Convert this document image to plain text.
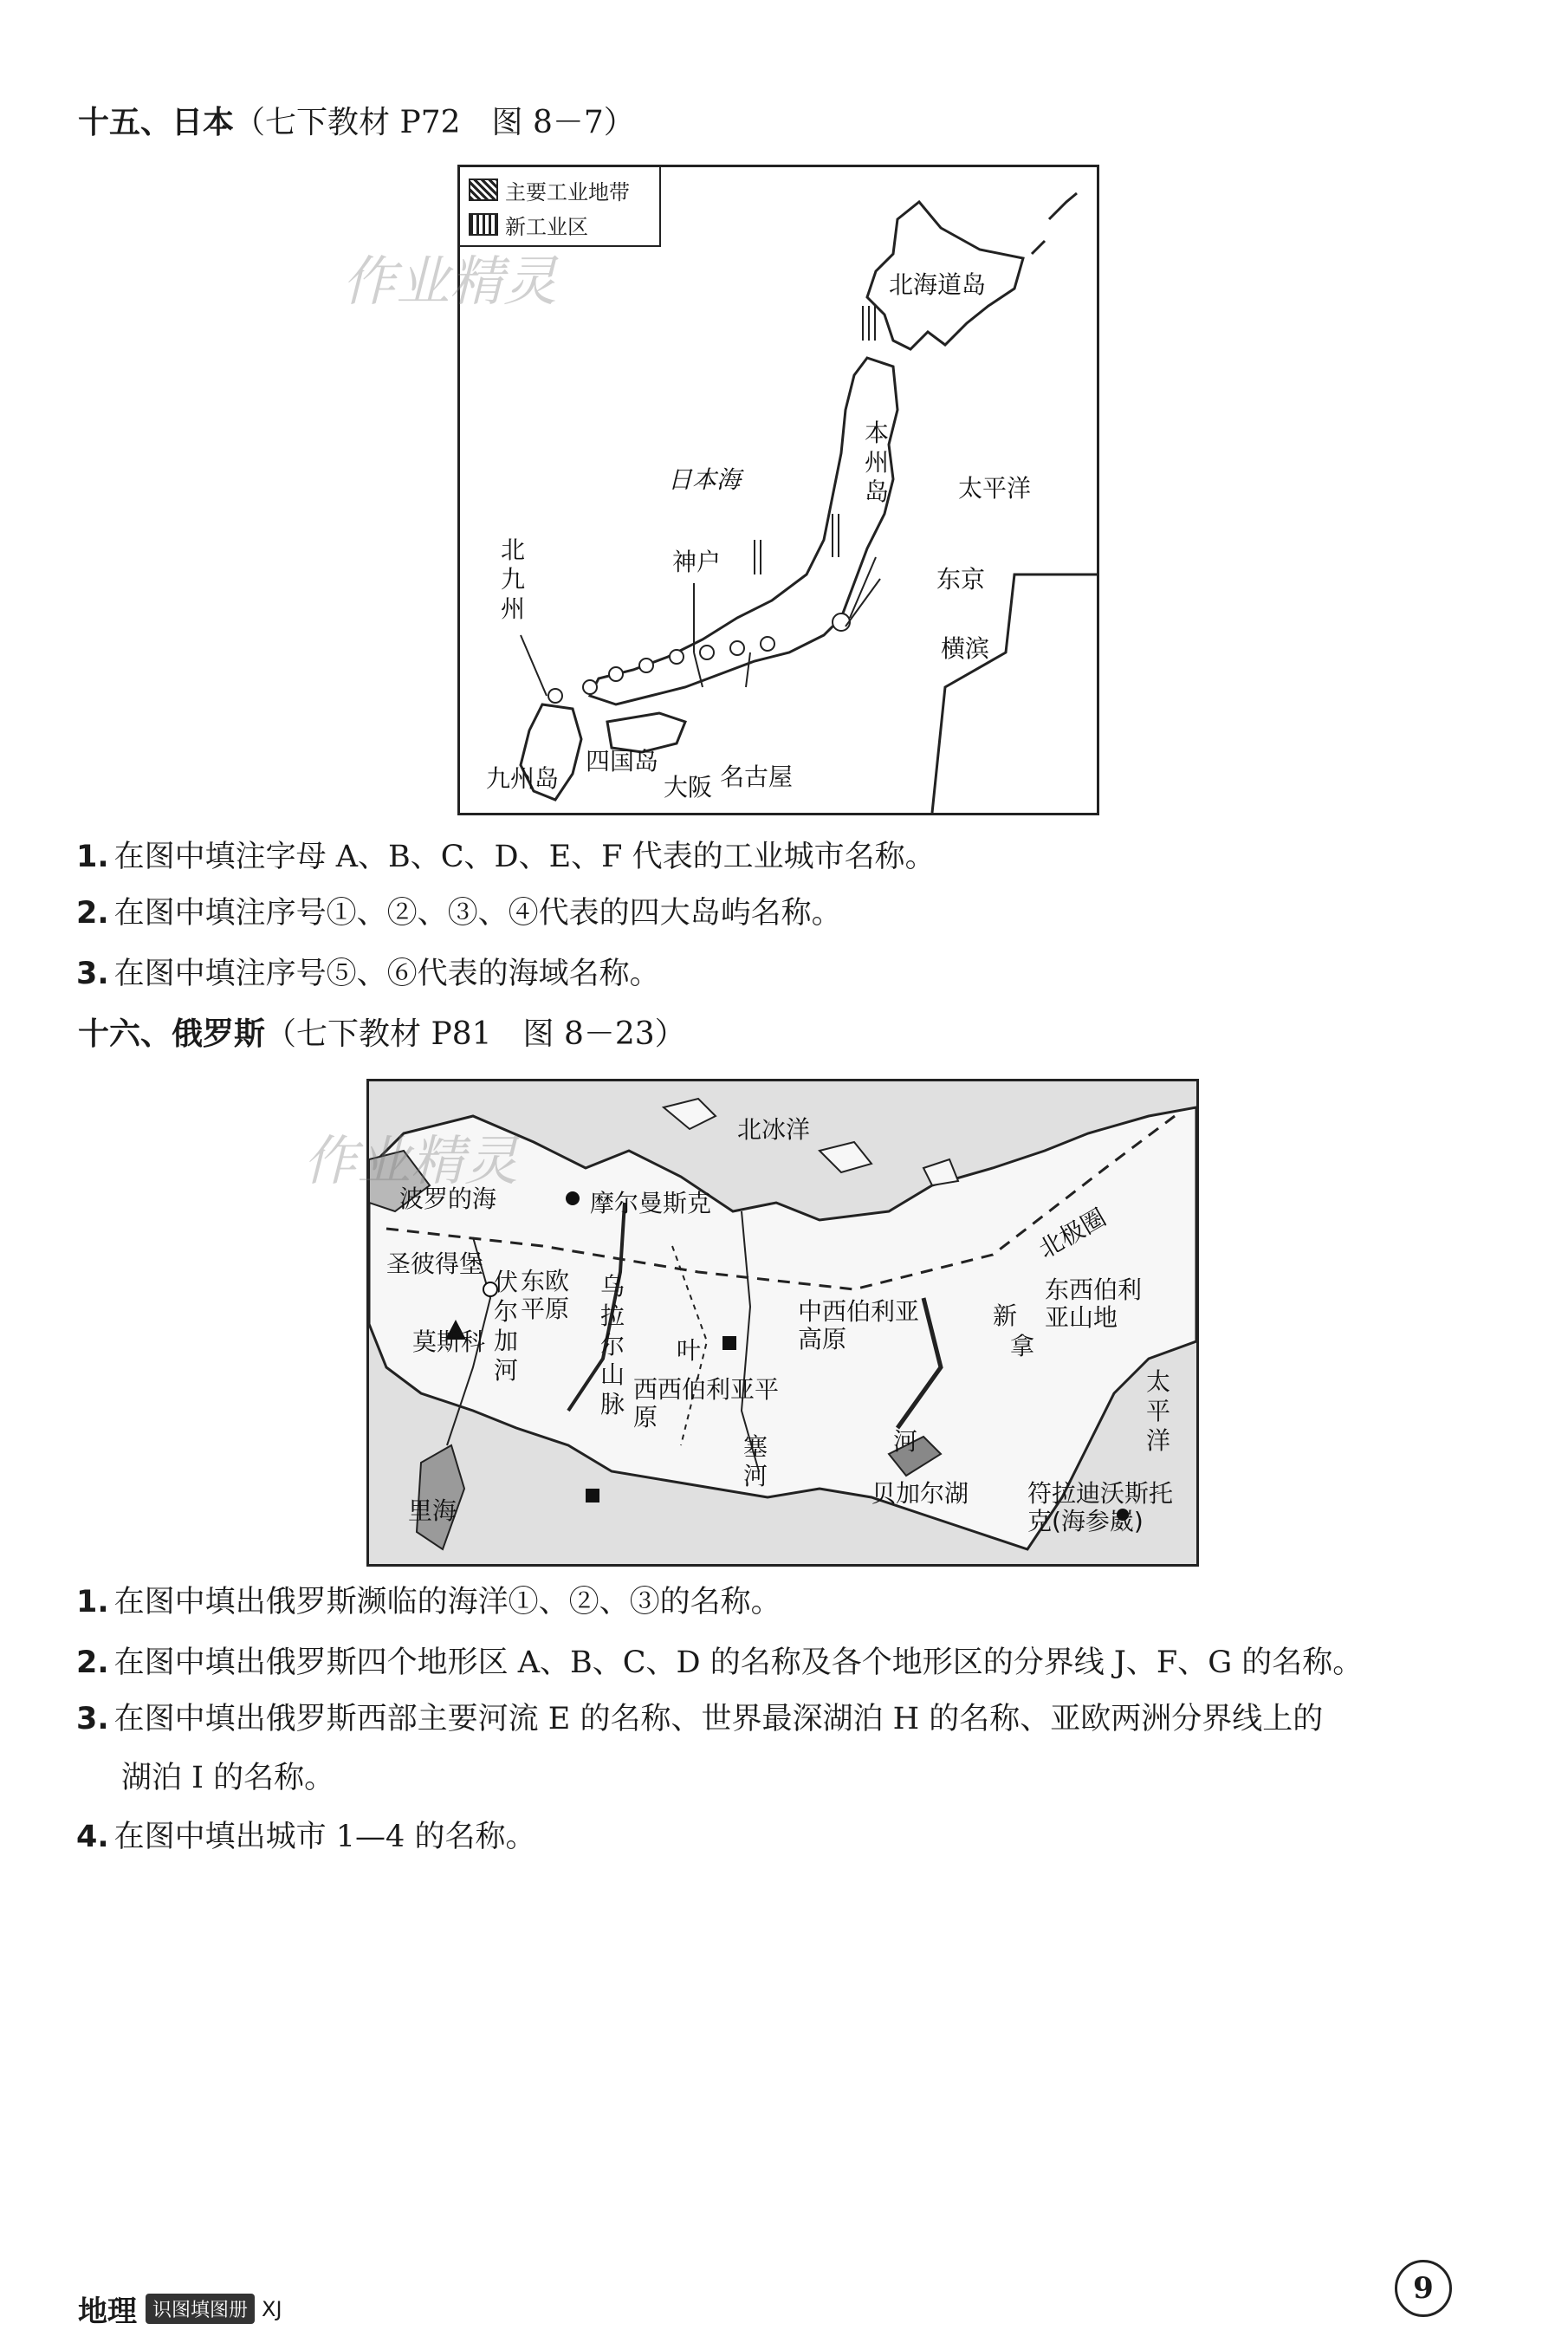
十五、日本（七下教材 P72　图 8－7）
主要工业地带
新工业区
北海道岛
日本海	太平洋
本州岛
神户
东京
横滨
北九州
九州岛
四国岛
大阪 名古屋
作业精灵
1. 在图中填注字母 A、B、C、D、E、F 代表的工业城市名称。
2. 在图中填注序号①、②、③、④代表的四大岛屿名称。
3. 在图中填注序号⑤、⑥代表的海域名称。
十六、俄罗斯（七下教材 P81　图 8－23）
北冰洋
波罗的海	摩尔曼斯克
圣彼得堡
东欧平原
伏尔加河
莫斯科
乌拉尔山脉
叶
中西伯利亚高原
北极圈
东西伯利亚山地
新
拿
太平洋
西西伯利亚平原
塞河
河
贝加尔湖
里海
符拉迪沃斯托克(海参崴)
作业精灵
1. 在图中填出俄罗斯濒临的海洋①、②、③的名称。
2. 在图中填出俄罗斯四个地形区 A、B、C、D 的名称及各个地形区的分界线 J、F、G 的名称。
3. 在图中填出俄罗斯西部主要河流 E 的名称、世界最深湖泊 H 的名称、亚欧两洲分界线上的
湖泊 I 的名称。
4. 在图中填出城市 1—4 的名称。
地理 识图填图册 XJ
9
